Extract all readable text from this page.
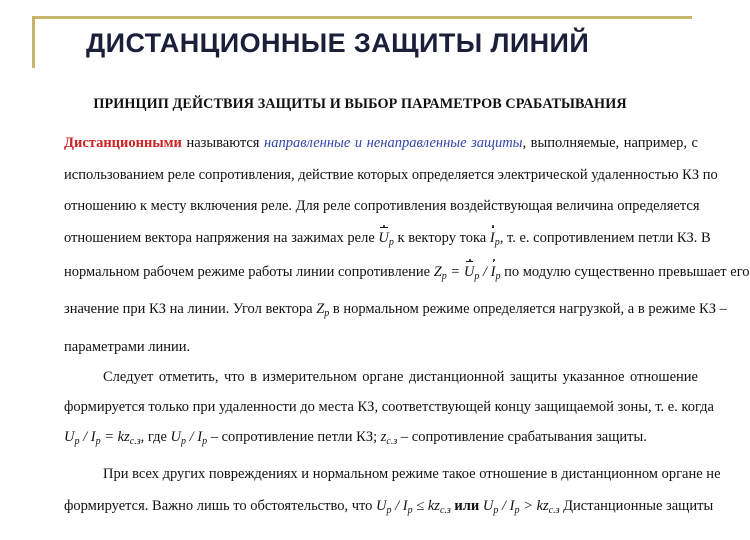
ДИСТАНЦИОННЫЕ ЗАЩИТЫ ЛИНИЙ
ПРИНЦИП ДЕЙСТВИЯ ЗАЩИТЫ И ВЫБОР ПАРАМЕТРОВ СРАБАТЫВАНИЯ
Дистанционными называются направленные и ненаправленные защиты, выполняемые, например, с
использованием реле сопротивления, действие которых определяется электрической удаленностью КЗ по
отношению к месту включения реле. Для реле сопротивления воздействующая величина определяется
отношением вектора напряжения на зажимах реле $U_р$ к вектору тока $I_р$, т. е. сопротивлением петли КЗ. В
нормальном рабочем режиме работы линии сопротивление $Z_р = U_р / I_р$ по модулю существенно превышает его
значение при КЗ на линии. Угол вектора $Z_р$ в нормальном режиме определяется нагрузкой, а в режиме КЗ –
параметрами линии.
Следует отметить, что в измерительном органе дистанционной защиты указанное отношение
формируется только при удаленности до места КЗ, соответствующей концу защищаемой зоны, т. е. когда
$U_р / I_р = kz_{с.з}$, где $U_р / I_р$ – сопротивление петли КЗ; $z_{с.з}$ – сопротивление срабатывания защиты.
При всех других повреждениях и нормальном режиме такое отношение в дистанционном органе не
формируется. Важно лишь то обстоятельство, что $U_р / I_р \le kz_{с.з}$ или $U_р / I_р > kz_{с.з}$ Дистанционные защиты
